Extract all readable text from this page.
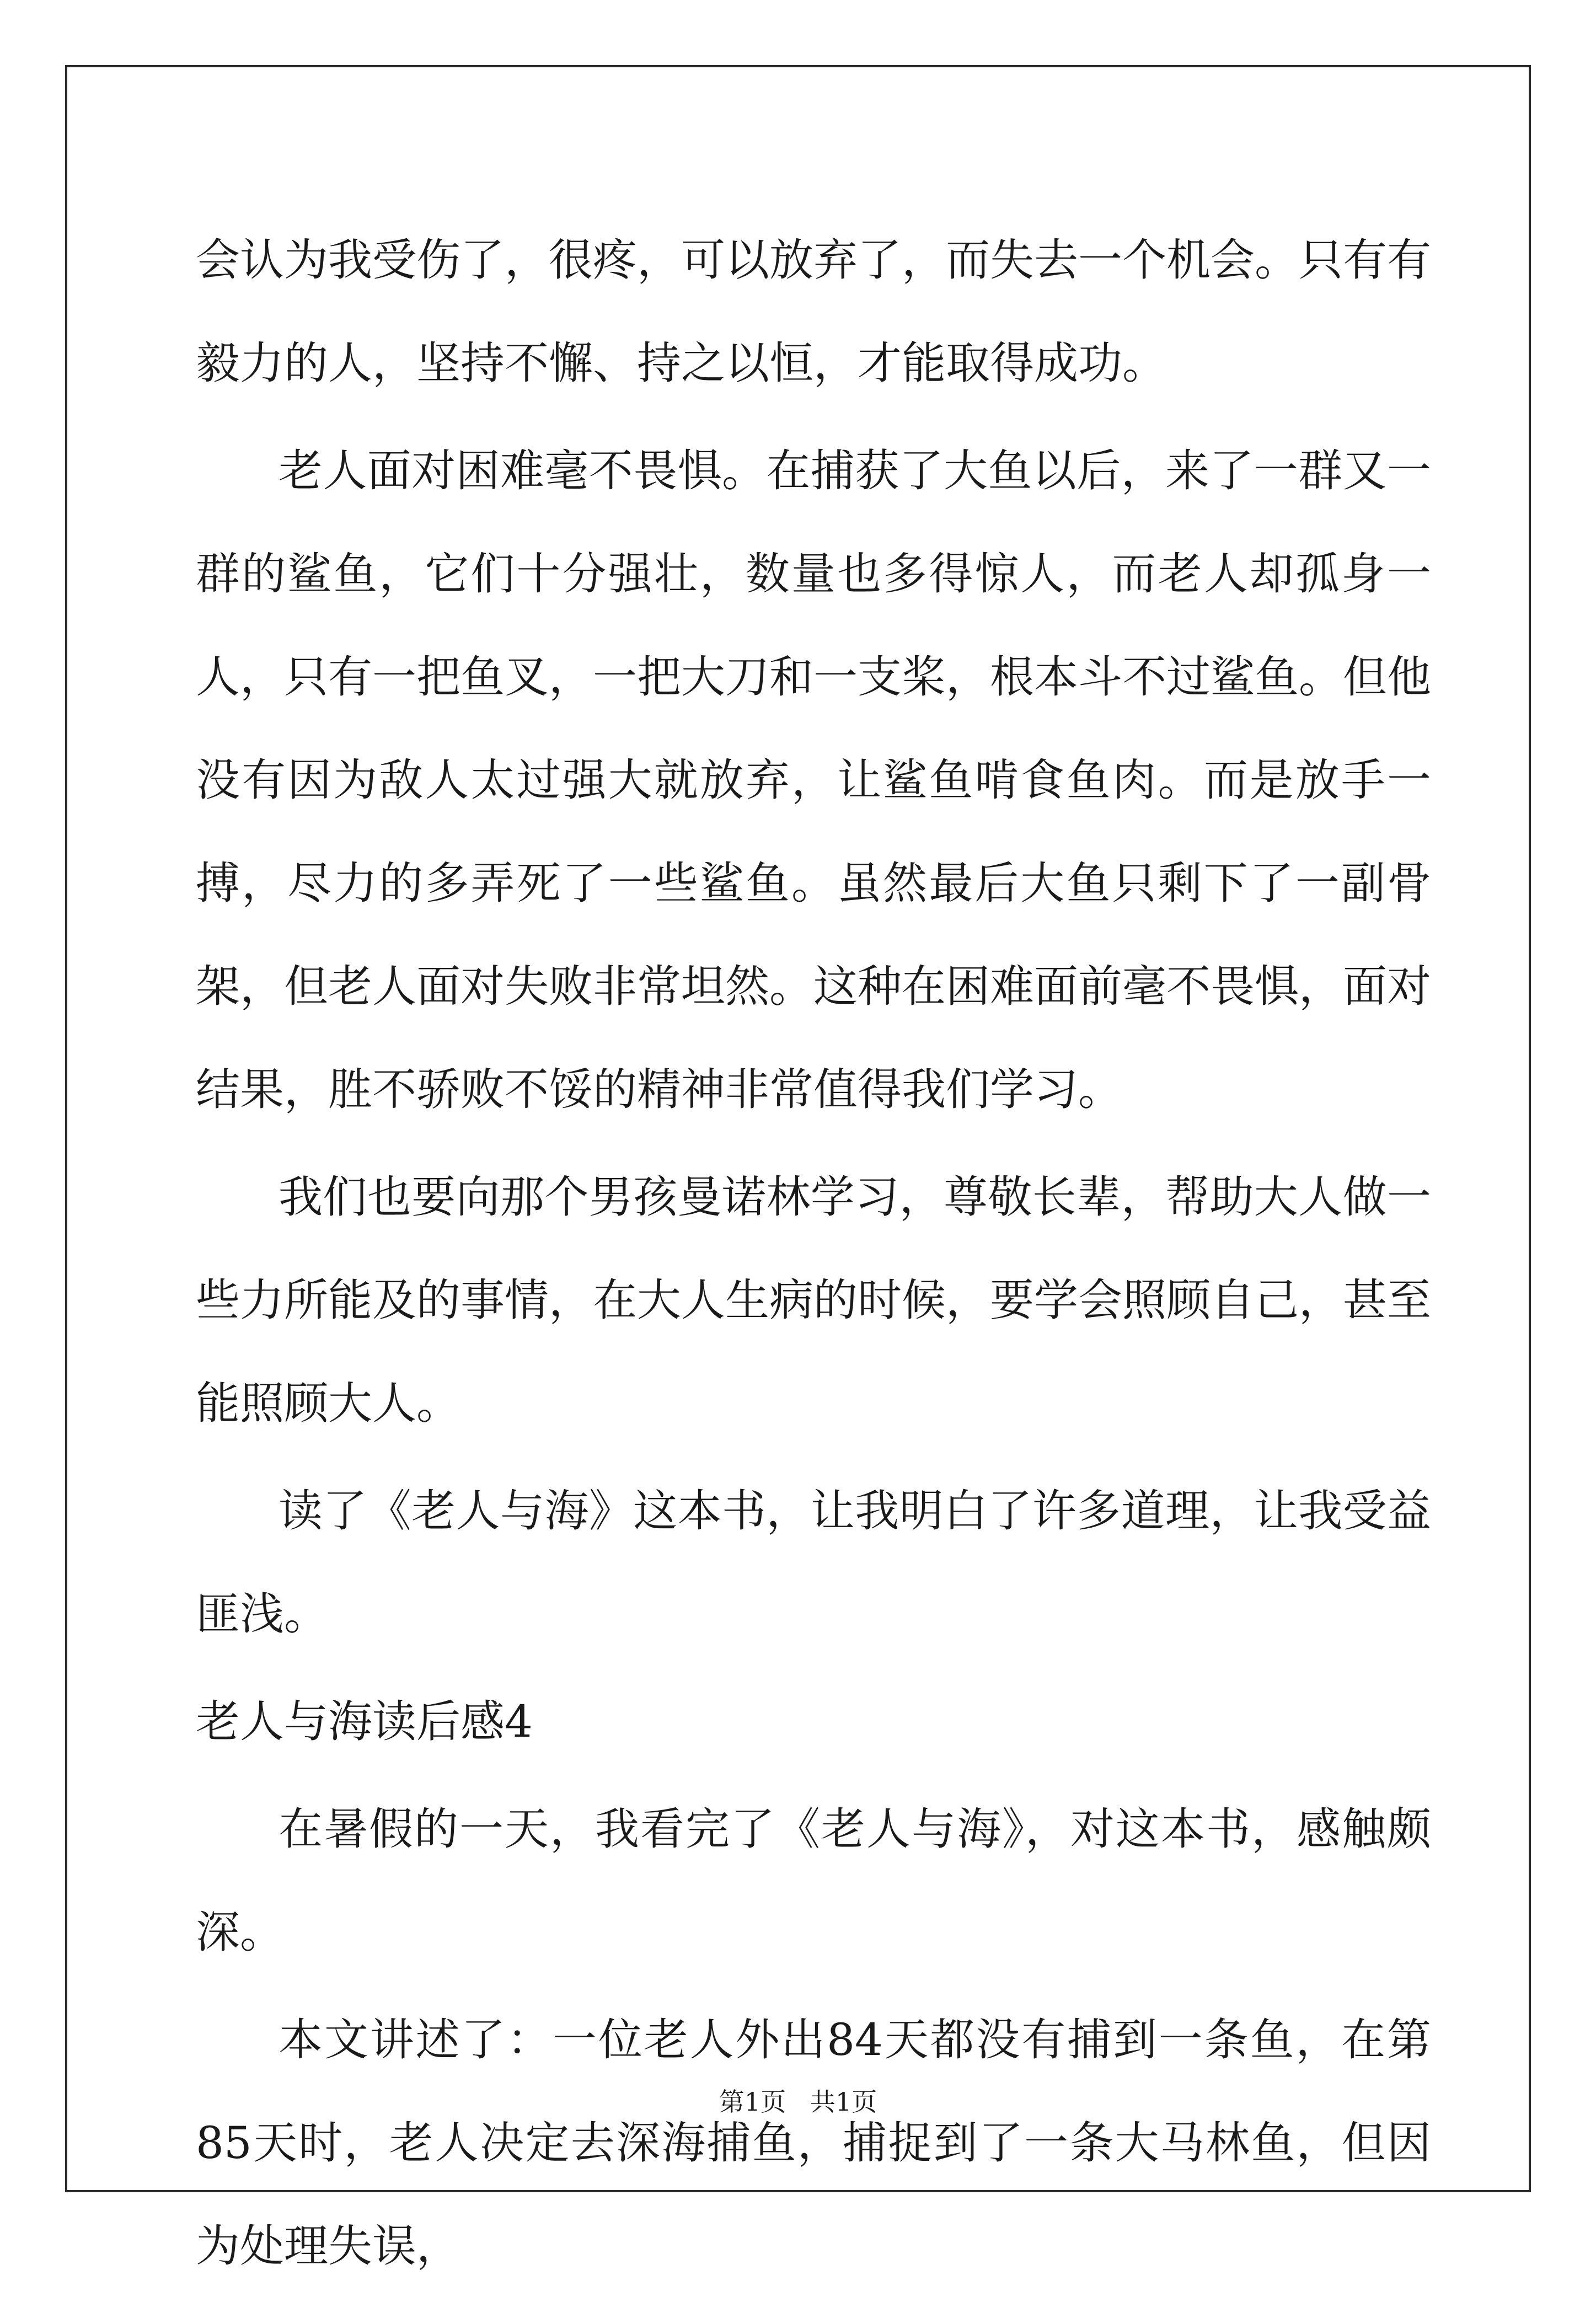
会认为我受伤了，很疼，可以放弃了，而失去一个机会。只有有毅力的人，坚持不懈、持之以恒，才能取得成功。

老人面对困难毫不畏惧。在捕获了大鱼以后，来了一群又一群的鲨鱼，它们十分强壮，数量也多得惊人，而老人却孤身一人，只有一把鱼叉，一把大刀和一支桨，根本斗不过鲨鱼。但他没有因为敌人太过强大就放弃，让鲨鱼啃食鱼肉。而是放手一搏，尽力的多弄死了一些鲨鱼。虽然最后大鱼只剩下了一副骨架，但老人面对失败非常坦然。这种在困难面前毫不畏惧，面对结果，胜不骄败不馁的精神非常值得我们学习。

我们也要向那个男孩曼诺林学习，尊敬长辈，帮助大人做一些力所能及的事情，在大人生病的时候，要学会照顾自己，甚至能照顾大人。

读了《老人与海》这本书，让我明白了许多道理，让我受益匪浅。

老人与海读后感4

在暑假的一天，我看完了《老人与海》，对这本书，感触颇深。

本文讲述了：一位老人外出84天都没有捕到一条鱼，在第85天时，老人决定去深海捕鱼，捕捉到了一条大马林鱼，但因为处理失误，

第1页   共1页
